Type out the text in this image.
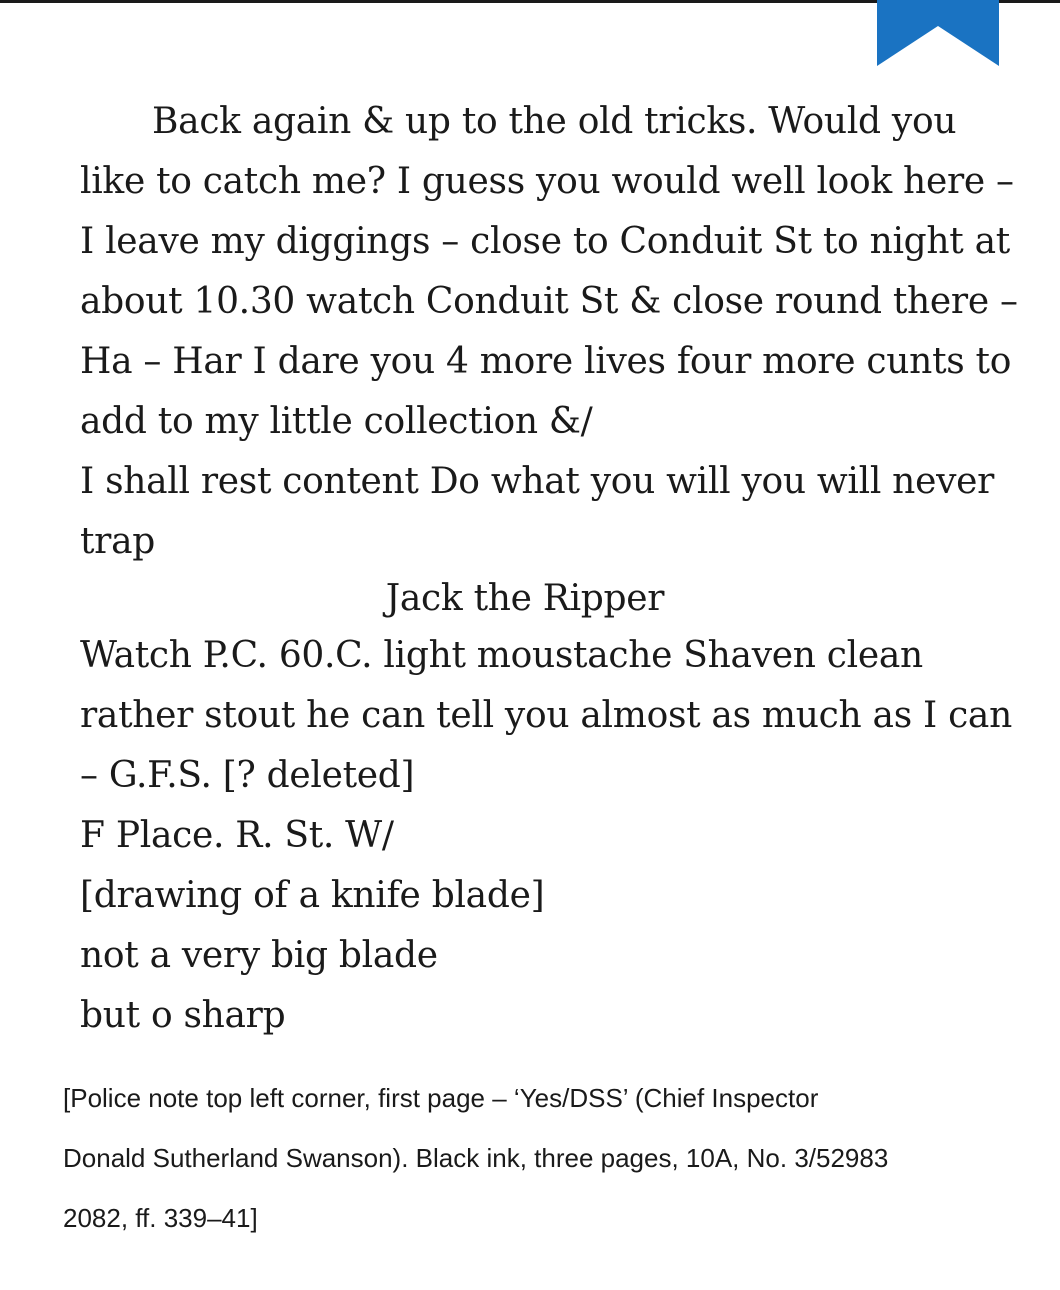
Back again & up to the old tricks. Would you
like to catch me? I guess you would well look here –
I leave my diggings – close to Conduit St to night at
about 10.30 watch Conduit St & close round there –
Ha – Har I dare you 4 more lives four more cunts to
add to my little collection &/
I shall rest content Do what you will you will never
trap
Jack the Ripper
Watch P.C. 60.C. light moustache Shaven clean
rather stout he can tell you almost as much as I can
– G.F.S. [? deleted]
F Place. R. St. W/
[drawing of a knife blade]
not a very big blade
but o sharp
[Police note top left corner, first page – ‘Yes/DSS’ (Chief Inspector
Donald Sutherland Swanson). Black ink, three pages, 10A, No. 3/52983
2082, ff. 339–41]
